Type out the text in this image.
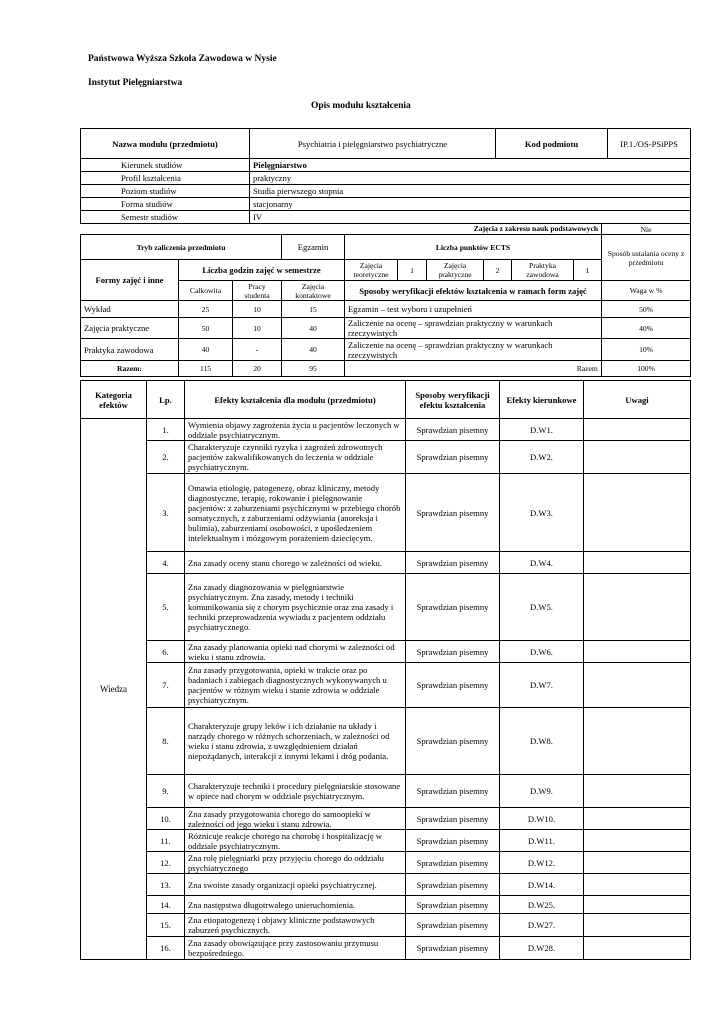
Państwowa Wyższa Szkoła Zawodowa w Nysie
Instytut Pielęgniarstwa
Opis modułu kształcenia
Nazwa modułu (przedmiotu)	Psychiatria i pielęgniarstwo psychiatryczne	Kod podmiotu	IP.1./OS-PSiPPS
Kierunek studiów	Pielęgniarstwo
Profil kształcenia	praktyczny
Poziom studiów	Studia pierwszego stopnia
Forma studiów	stacjonarny
Semestr studiów	IV
Zajęcia z zakresu nauk podstawowych										Nie
Tryb zaliczenia przedmiotu			Egzamin	Liczba punktów ECTS						Sposób ustalania oceny z przedmiotu
Formy zajęć i inne	Liczba godzin zajęć w semestrze			Zajęcia teoretyczne	1	Zajęcia praktyczne	2	Praktyka zawodowa	1	
	Całkowita	Pracy studenta	Zajęcia kontaktowe	Sposoby weryfikacji efektów kształcenia w ramach form zajęć						Waga w %
Wykład	25	10	15	Egzamin – test wyboru i uzupełnień						50%
Zajęcia praktyczne	50	10	40	Zaliczenie na ocenę – sprawdzian praktyczny w warunkach rzeczywistych						40%
Praktyka zawodowa	40	-	40	Zaliczenie na ocenę – sprawdzian praktyczny w warunkach rzeczywistych						10%
Razem:	115	20	95						Razem	100%
Kategoria efektów	Lp.	Efekty kształcenia dla modułu (przedmiotu)	Sposoby weryfikacji efektu kształcenia	Efekty kierunkowe	Uwagi
Wiedza	1.	Wymienia objawy zagrożenia życia u pacjentów leczonych w oddziale psychiatrycznym.	Sprawdzian pisemny	D.W1.	
	2.	Charakteryzuje czynniki ryzyka i zagrożeń zdrowotnych pacjentów zakwalifikowanych do leczenia w oddziale psychiatrycznym.	Sprawdzian pisemny	D.W2.	
	3.	Omawia etiologię, patogenezę, obraz kliniczny, metody diagnostyczne, terapię, rokowanie i pielęgnowanie pacjentów: z zaburzeniami psychicznymi w przebiegu chorób somatycznych, z zaburzeniami odżywiania (anoreksja i bulimia), zaburzeniami osobowości, z upośledzeniem intelektualnym i mózgowym porażeniem dziecięcym.	Sprawdzian pisemny	D.W3.	
	4.	Zna zasady oceny stanu chorego w zależności od wieku.	Sprawdzian pisemny	D.W4.	
	5.	Zna zasady diagnozowania w pielęgniarstwie psychiatrycznym. Zna zasady, metody i techniki komunikowania się z chorym psychicznie oraz zna zasady i techniki przeprowadzenia wywiadu z pacjentem oddziału psychiatrycznego.	Sprawdzian pisemny	D.W5.	
	6.	Zna zasady planowania opieki nad chorymi w zależności od wieku i stanu zdrowia.	Sprawdzian pisemny	D.W6.	
	7.	Zna zasady przygotowania, opieki w trakcie oraz po badaniach i zabiegach diagnostycznych wykonywanych u pacjentów w różnym wieku i stanie zdrowia w oddziale psychiatrycznym.	Sprawdzian pisemny	D.W7.	
	8.	Charakteryzuje grupy leków i ich działanie na układy i narządy chorego w różnych schorzeniach, w zależności od wieku i stanu zdrowia, z uwzględnieniem działań niepożądanych, interakcji z innymi lekami i dróg podania.	Sprawdzian pisemny	D.W8.	
	9.	Charakteryzuje techniki i procedury pielęgniarskie stosowane w opiece nad chorym w oddziale psychiatrycznym.	Sprawdzian pisemny	D.W9.	
	10.	Zna zasady przygotowania chorego do samoopieki w zależności od jego wieku i stanu zdrowia.	Sprawdzian pisemny	D.W10.	
	11.	Różnicuje reakcje chorego na chorobę i hospitalizację w oddziale psychiatrycznym.	Sprawdzian pisemny	D.W11.	
	12.	Zna rolę pielęgniarki przy przyjęciu chorego do oddziału psychiatrycznego	Sprawdzian pisemny	D.W12.	
	13.	Zna swoiste zasady organizacji opieki psychiatrycznej.	Sprawdzian pisemny	D.W14.	
	14.	Zna następstwa długotrwałego unieruchomienia.	Sprawdzian pisemny	D.W25.	
	15.	Zna etiopatogenezę i objawy kliniczne podstawowych zaburzeń psychicznych.	Sprawdzian pisemny	D.W27.	
	16.	Zna zasady obowiązujące przy zastosowaniu przymusu bezpośredniego.	Sprawdzian pisemny	D.W28.	
